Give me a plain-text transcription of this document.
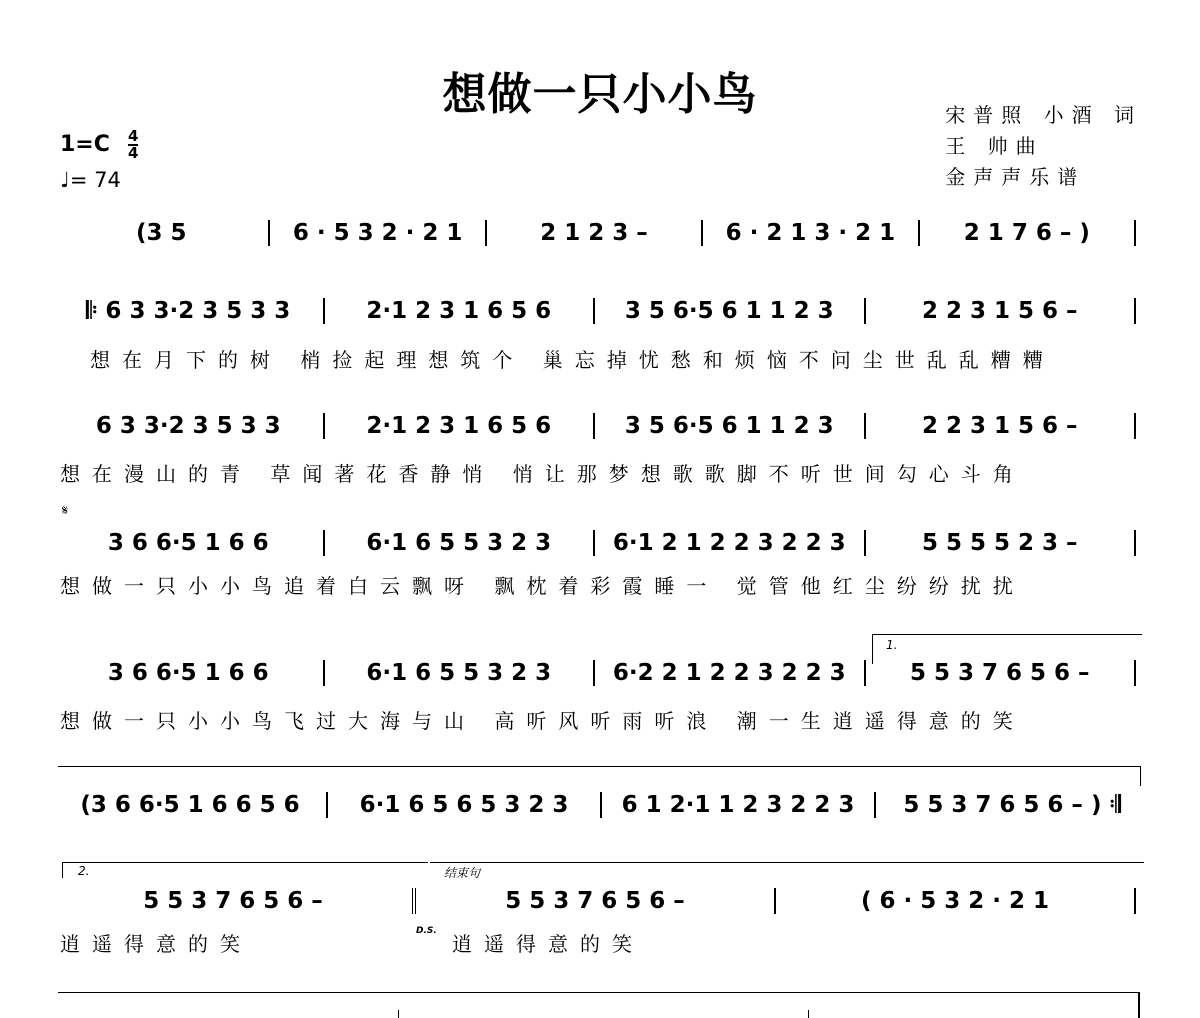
想做一只小小鸟	宋普照 小酒 词
王 帅曲
金声声乐谱
1=C 4
4
♩= 74
(3 5	6 · 5 3 2 · 2 1	2 1 2 3 –	6 · 2 1 3 · 2 1	2 1 7 6 – )
𝄆 6 3 3·2 3 5 3 3	2·1 2 3 1 6 5 6	3 5 6·5 6 1 1 2 3	2 2 3 1 5 6 –
想在月下的树 梢捡起理想筑个 巢忘掉忧愁和烦恼不问尘世乱乱糟糟
6 3 3·2 3 5 3 3	2·1 2 3 1 6 5 6	3 5 6·5 6 1 1 2 3	2 2 3 1 5 6 –
想在漫山的青 草闻著花香静悄 悄让那梦想歌歌脚不听世间勾心斗角
𝄋
3 6 6·5 1 6 6	6·1 6 5 5 3 2 3	6·1 2 1 2 2 3 2 2 3	5 5 5 5 2 3 –
想做一只小小鸟追着白云飘呀 飘枕着彩霞睡一 觉管他红尘纷纷扰扰
1.
3 6 6·5 1 6 6	6·1 6 5 5 3 2 3	6·2 2 1 2 2 3 2 2 3	5 5 3 7 6 5 6 –
想做一只小小鸟飞过大海与山 高听风听雨听浪 潮一生逍遥得意的笑
(3 6 6·5 1 6 6 5 6	6·1 6 5 6 5 3 2 3	6 1 2·1 1 2 3 2 2 3	5 5 3 7 6 5 6 – ) 𝄇
2.	结束句
5 5 3 7 6 5 6 –	5 5 3 7 6 5 6 –	( 6 · 5 3 2 · 2 1
逍遥得意的笑
D.S.
逍遥得意的笑
